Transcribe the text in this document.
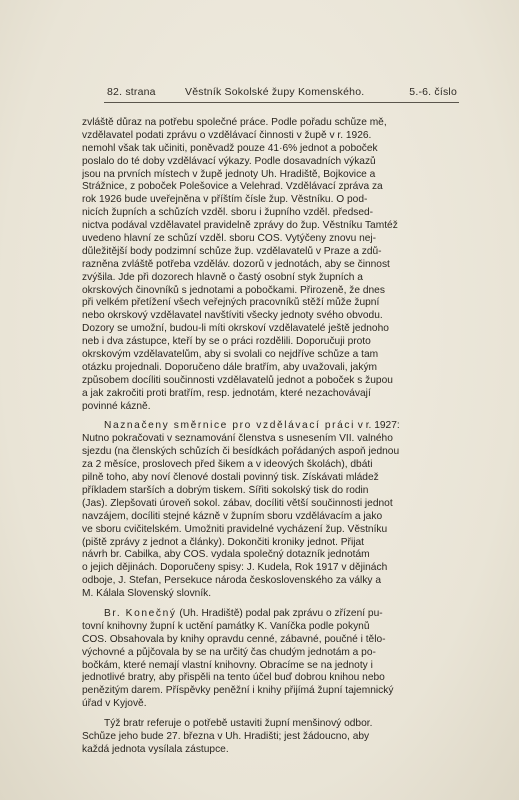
82. strana	Věstník Sokolské župy Komenského.	5.-6. číslo
zvláště důraz na potřebu společné práce. Podle pořadu schůze mě,
vzdělavatel podati zprávu o vzdělávací činnosti v župě v r. 1926.
nemohl však tak učiniti, poněvadž pouze 41·6% jednot a poboček
poslalo do té doby vzdělávací výkazy. Podle dosavadních výkazů
jsou na prvních místech v župě jednoty Uh. Hradiště, Bojkovice a
Strážnice, z poboček Polešovice a Velehrad. Vzdělávací zpráva za
rok 1926 bude uveřejněna v příštím čísle žup. Věstníku. O pod-
nicích župních a schůzích vzděl. sboru i župního vzděl. předsed-
nictva podával vzdělavatel pravidelně zprávy do žup. Věstníku Tamtéž
uvedeno hlavní ze schůzí vzděl. sboru ČOS. Vytýčeny znovu nej-
důležitější body podzimní schůze žup. vzdělavatelů v Praze a zdů-
razněna zvláště potřeba vzděláv. dozorů v jednotách, aby se činnost
zvýšila. Jde při dozorech hlavně o častý osobní styk župních a
okrskových činovníků s jednotami a pobočkami. Přirozeně, že dnes
při velkém přetížení všech veřejných pracovníků stěží může župní
nebo okrskový vzdělavatel navštíviti všecky jednoty svého obvodu.
Dozory se umožní, budou-li míti okrskoví vzdělavatelé ještě jednoho
neb i dva zástupce, kteří by se o práci rozdělili. Doporučuji proto
okrskovým vzdělavatelům, aby si svolali co nejdříve schůze a tam
otázku projednali. Doporučeno dále bratřím, aby uvažovali, jakým
způsobem docíliti součinnosti vzdělavatelů jednot a poboček s župou
a jak zakročiti proti bratřím, resp. jednotám, které nezachovávají
povinné kázně.
Naznačeny směrnice pro vzdělávací práci v r. 1927:
Nutno pokračovati v seznamování členstva s usnesením VII. valného
sjezdu (na členských schůzích či besídkách pořádaných aspoň jednou
za 2 měsíce, proslovech před šikem a v ideových školách), dbáti
pilně toho, aby noví členové dostali povinný tisk. Získávati mládež
příkladem starších a dobrým tiskem. Šířiti sokolský tisk do rodin
(Jas). Zlepšovati úroveň sokol. zábav, docíliti větší součinnosti jednot
navzájem, docíliti stejné kázně v župním sboru vzdělávacím a jako
ve sboru cvičitelském. Umožniti pravidelné vycházení žup. Věstníku
(piště zprávy z jednot a články). Dokončiti kroniky jednot. Přijat
návrh br. Cabilka, aby ČOS. vydala společný dotazník jednotám
o jejich dějinách. Doporučeny spisy: J. Kudela, Rok 1917 v dějinách
odboje, J. Štefan, Persekuce národa československého za války a
M. Kálala Slovenský slovník.
Br. Konečný (Uh. Hradiště) podal pak zprávu o zřízení pu-
tovní knihovny župní k uctění památky K. Vaníčka podle pokynů
ČOS. Obsahovala by knihy opravdu cenné, zábavné, poučné i tělo-
výchovné a půjčovala by se na určitý čas chudým jednotám a po-
bočkám, které nemají vlastní knihovny. Obracíme se na jednoty i
jednotlivé bratry, aby přispěli na tento účel buď dobrou knihou nebo
penězitým darem. Příspěvky peněžní i knihy přijímá župní tajemnický
úřad v Kyjově.
Týž bratr referuje o potřebě ustaviti župní menšinový odbor.
Schůze jeho bude 27. března v Uh. Hradišti; jest žádoucno, aby
každá jednota vysílala zástupce.
